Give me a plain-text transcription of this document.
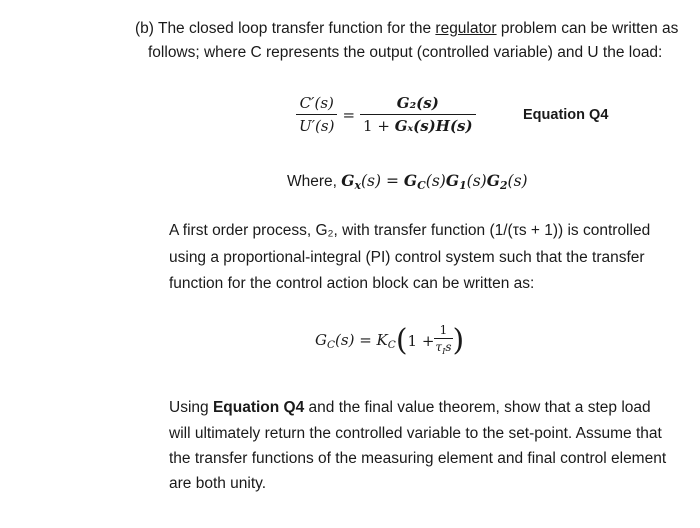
(b) The closed loop transfer function for the regulator problem can be written as
follows; where C represents the output (controlled variable) and U the load:
$\frac{C'(s)}{U'(s)} = \frac{\text{G₂(s)}}{\text{1 + Gₓ(s)H(s)}}$	Equation Q4
Where, $G_x(s) = G_C(s)G_1(s)G_2(s)$
A first order process, G₂, with transfer function (1/(τs + 1)) is controlled
using a proportional-integral (PI) control system such that the transfer
function for the control action block can be written as:
$G_C(s) = K_C$ ( $1 + \frac{1}{\tau_Is}$ )
Using Equation Q4 and the final value theorem, show that a step load
will ultimately return the controlled variable to the set-point. Assume that
the transfer functions of the measuring element and final control element
are both unity.
